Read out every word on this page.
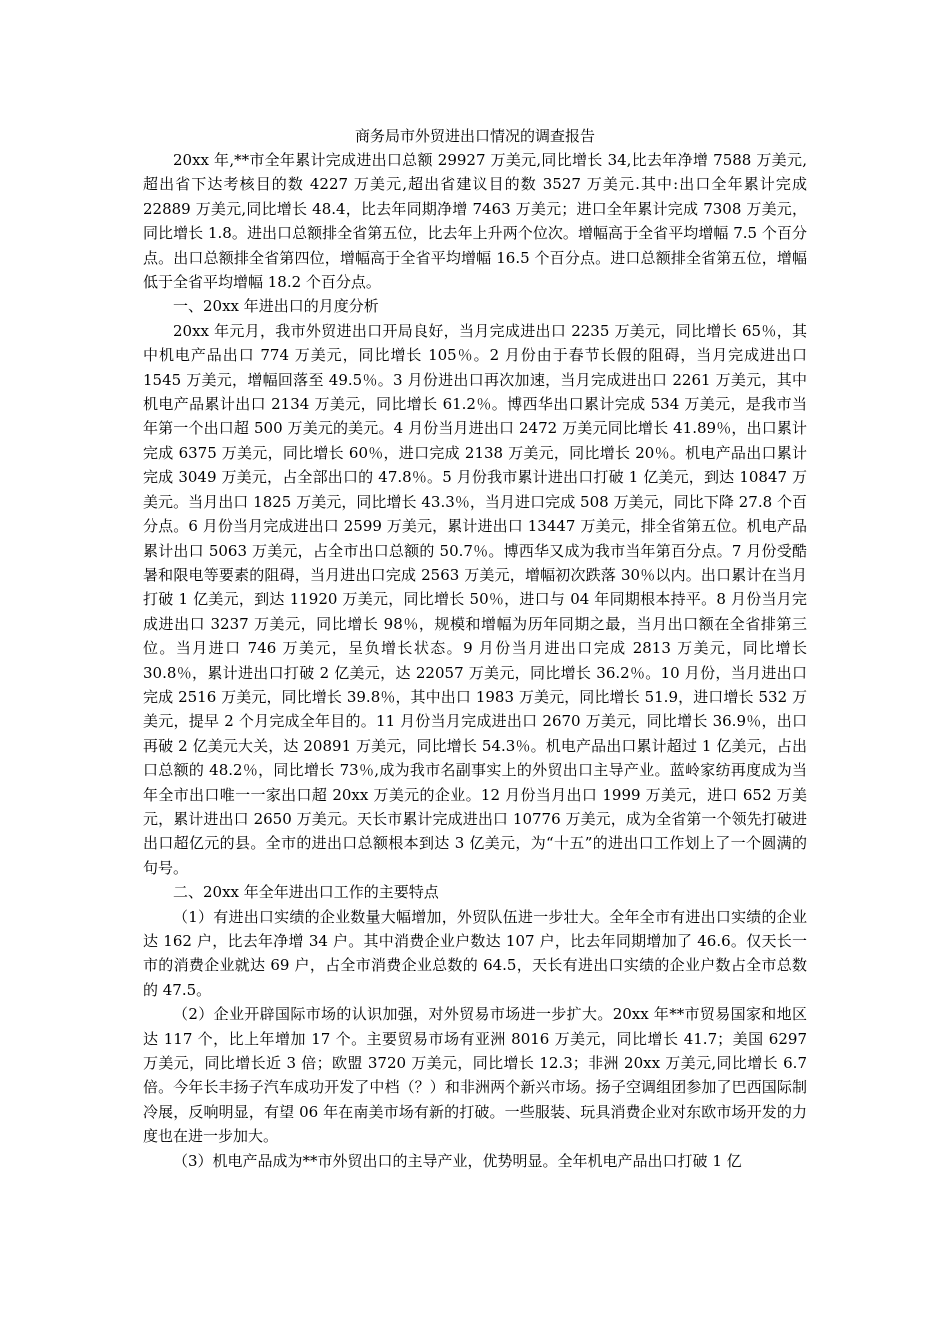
商务局市外贸进出口情况的调查报告

20xx 年,**市全年累计完成进出口总额 29927 万美元,同比增长 34,比去年净增 7588 万美元,超出省下达考核目的数 4227 万美元,超出省建议目的数 3527 万美元.其中:出口全年累计完成 22889 万美元,同比增长 48.4，比去年同期净增 7463 万美元；进口全年累计完成 7308 万美元，同比增长 1.8。进出口总额排全省第五位，比去年上升两个位次。增幅高于全省平均增幅 7.5 个百分点。出口总额排全省第四位，增幅高于全省平均增幅 16.5 个百分点。进口总额排全省第五位，增幅低于全省平均增幅 18.2 个百分点。

一、20xx 年进出口的月度分析

20xx 年元月，我市外贸进出口开局良好，当月完成进出口 2235 万美元，同比增长 65％，其中机电产品出口 774 万美元，同比增长 105％。2 月份由于春节长假的阻碍，当月完成进出口 1545 万美元，增幅回落至 49.5％。3 月份进出口再次加速，当月完成进出口 2261 万美元，其中机电产品累计出口 2134 万美元，同比增长 61.2％。博西华出口累计完成 534 万美元，是我市当年第一个出口超 500 万美元的美元。4 月份当月进出口 2472 万美元同比增长 41.89％，出口累计完成 6375 万美元，同比增长 60％，进口完成 2138 万美元，同比增长 20％。机电产品出口累计完成 3049 万美元，占全部出口的 47.8％。5 月份我市累计进出口打破 1 亿美元，到达 10847 万美元。当月出口 1825 万美元，同比增长 43.3％，当月进口完成 508 万美元，同比下降 27.8 个百分点。6 月份当月完成进出口 2599 万美元，累计进出口 13447 万美元，排全省第五位。机电产品累计出口 5063 万美元，占全市出口总额的 50.7％。博西华又成为我市当年第百分点。7 月份受酷暑和限电等要素的阻碍，当月进出口完成 2563 万美元，增幅初次跌落 30％以内。出口累计在当月打破 1 亿美元，到达 11920 万美元，同比增长 50％，进口与 04 年同期根本持平。8 月份当月完成进出口 3237 万美元，同比增长 98％，规模和增幅为历年同期之最，当月出口额在全省排第三位。当月进口 746 万美元，呈负增长状态。9 月份当月进出口完成 2813 万美元，同比增长 30.8％，累计进出口打破 2 亿美元，达 22057 万美元，同比增长 36.2％。10 月份，当月进出口完成 2516 万美元，同比增长 39.8％，其中出口 1983 万美元，同比增长 51.9，进口增长 532 万美元，提早 2 个月完成全年目的。11 月份当月完成进出口 2670 万美元，同比增长 36.9％，出口再破 2 亿美元大关，达 20891 万美元，同比增长 54.3％。机电产品出口累计超过 1 亿美元，占出口总额的 48.2％，同比增长 73％,成为我市名副事实上的外贸出口主导产业。蓝岭家纺再度成为当年全市出口唯一一家出口超 20xx 万美元的企业。12 月份当月出口 1999 万美元，进口 652 万美元，累计进出口 2650 万美元。天长市累计完成进出口 10776 万美元，成为全省第一个领先打破进出口超亿元的县。全市的进出口总额根本到达 3 亿美元，为“十五”的进出口工作划上了一个圆满的句号。

二、20xx 年全年进出口工作的主要特点

（1）有进出口实绩的企业数量大幅增加，外贸队伍进一步壮大。全年全市有进出口实绩的企业达 162 户，比去年净增 34 户。其中消费企业户数达 107 户，比去年同期增加了 46.6。仅天长一市的消费企业就达 69 户，占全市消费企业总数的 64.5，天长有进出口实绩的企业户数占全市总数的 47.5。

（2）企业开辟国际市场的认识加强，对外贸易市场进一步扩大。20xx 年**市贸易国家和地区达 117 个，比上年增加 17 个。主要贸易市场有亚洲 8016 万美元，同比增长 41.7；美国 6297 万美元，同比增长近 3 倍；欧盟 3720 万美元，同比增长 12.3；非洲 20xx 万美元,同比增长 6.7 倍。今年长丰扬子汽车成功开发了中档（？）和非洲两个新兴市场。扬子空调组团参加了巴西国际制冷展，反响明显，有望 06 年在南美市场有新的打破。一些服装、玩具消费企业对东欧市场开发的力度也在进一步加大。

（3）机电产品成为**市外贸出口的主导产业，优势明显。全年机电产品出口打破 1 亿
